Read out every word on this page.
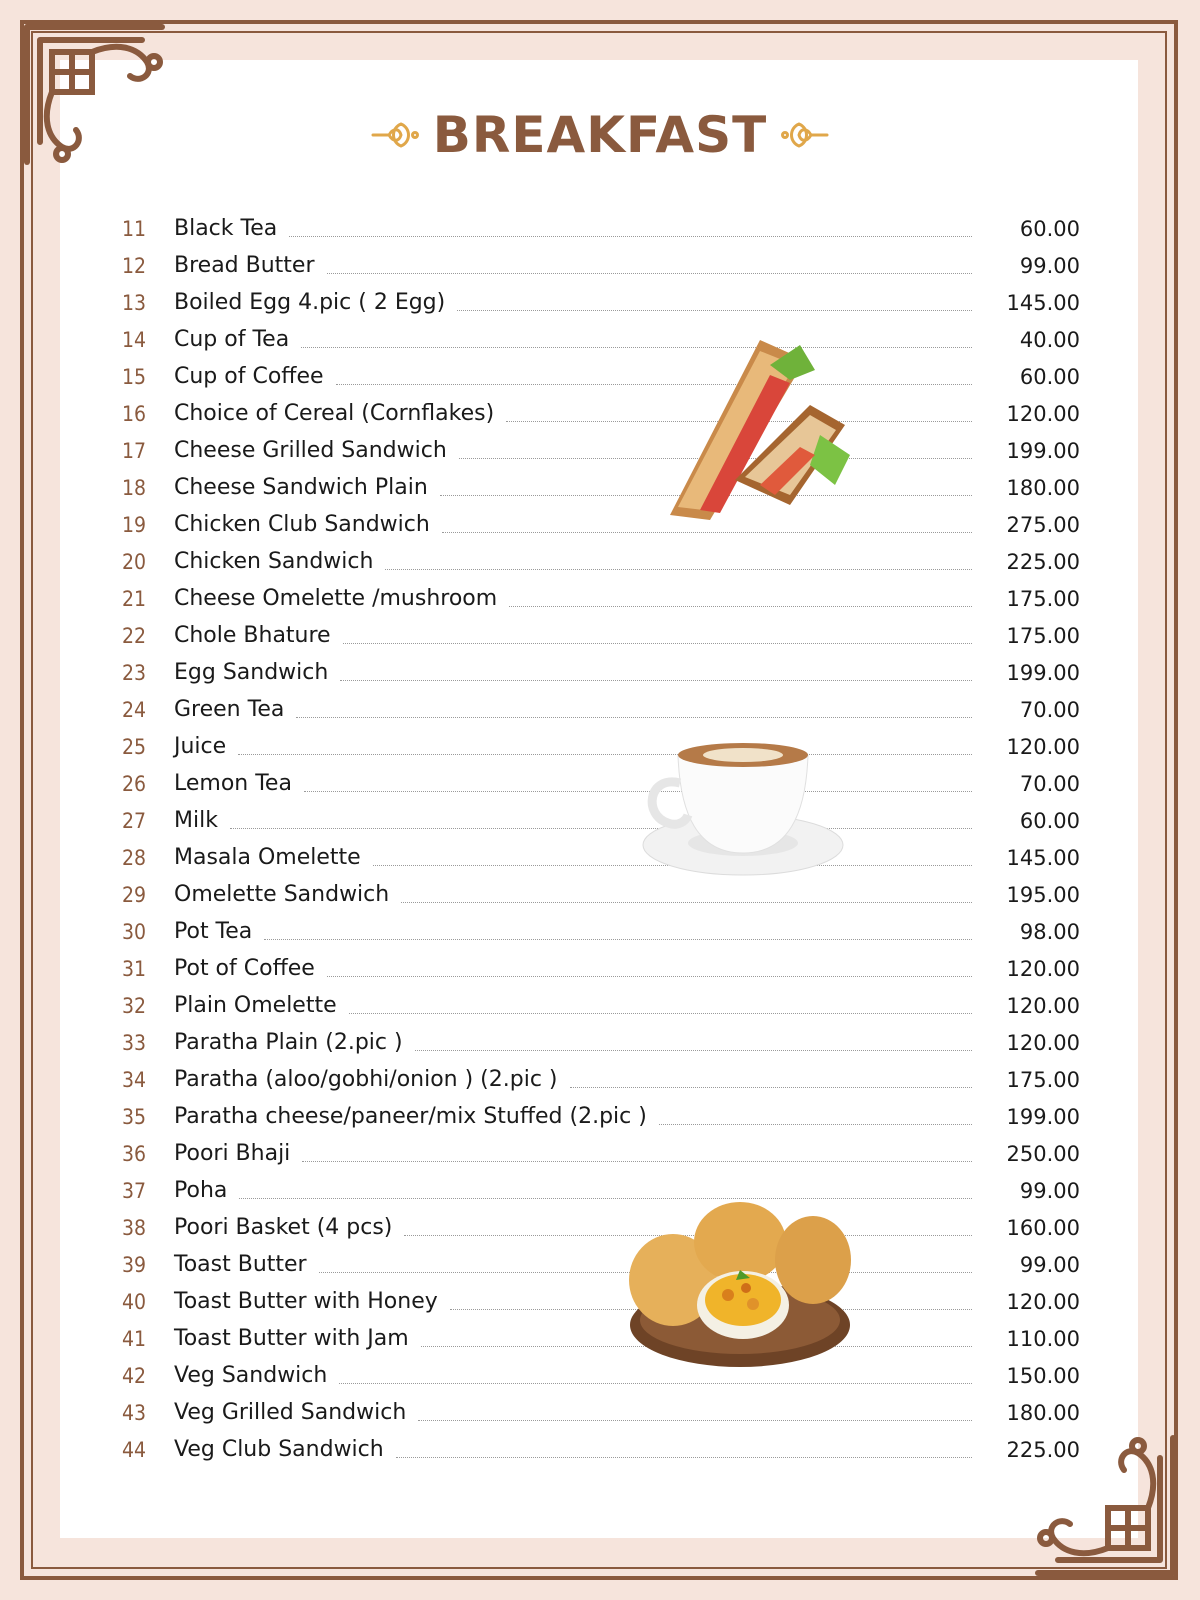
BREAKFAST
11 Black Tea	60.00
12 Bread Butter	99.00
13 Boiled Egg 4.pic ( 2 Egg)	145.00
14 Cup of Tea	40.00
15 Cup of Coffee	60.00
16 Choice of Cereal (Cornflakes)	120.00
17 Cheese Grilled Sandwich	199.00
18 Cheese Sandwich Plain	180.00
19 Chicken Club Sandwich	275.00
20 Chicken Sandwich	225.00
21 Cheese Omelette /mushroom	175.00
22 Chole Bhature	175.00
23 Egg Sandwich	199.00
24 Green Tea	70.00
25 Juice	120.00
26 Lemon Tea	70.00
27 Milk	60.00
28 Masala Omelette	145.00
29 Omelette Sandwich	195.00
30 Pot Tea	98.00
31 Pot of Coffee	120.00
32 Plain Omelette	120.00
33 Paratha Plain (2.pic )	120.00
34 Paratha (aloo/gobhi/onion ) (2.pic )	175.00
35 Paratha cheese/paneer/mix Stuffed (2.pic )	199.00
36 Poori Bhaji	250.00
37 Poha	99.00
38 Poori Basket (4 pcs)	160.00
39 Toast Butter	99.00
40 Toast Butter with Honey	120.00
41 Toast Butter with Jam	110.00
42 Veg Sandwich	150.00
43 Veg Grilled Sandwich	180.00
44 Veg Club Sandwich	225.00
